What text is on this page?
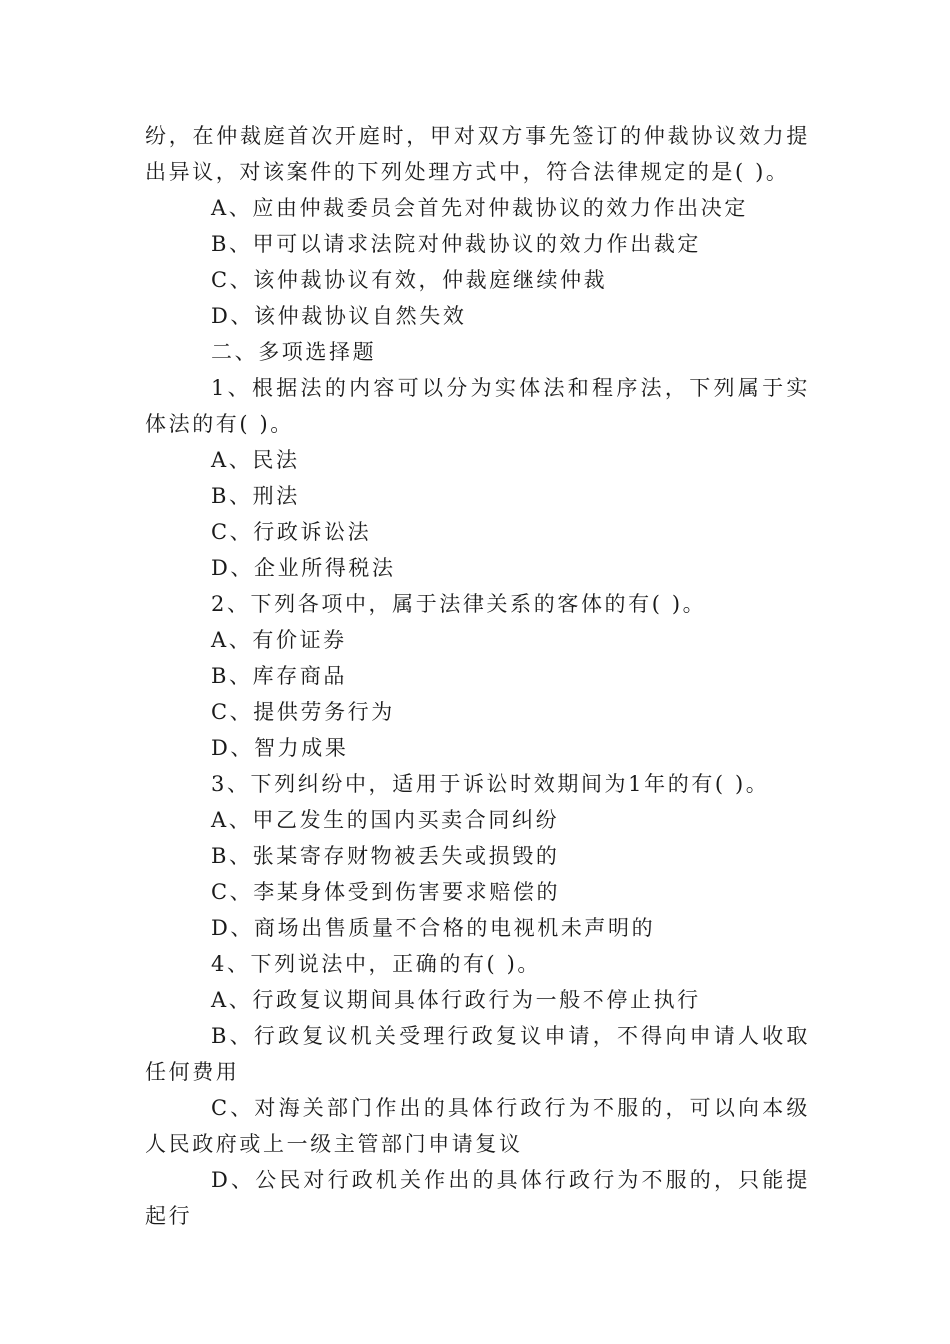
纷，在仲裁庭首次开庭时，甲对双方事先签订的仲裁协议效力提出异议，对该案件的下列处理方式中，符合法律规定的是( )。

A、应由仲裁委员会首先对仲裁协议的效力作出决定

B、甲可以请求法院对仲裁协议的效力作出裁定

C、该仲裁协议有效，仲裁庭继续仲裁

D、该仲裁协议自然失效

二、多项选择题

1、根据法的内容可以分为实体法和程序法，下列属于实体法的有( )。

A、民法

B、刑法

C、行政诉讼法

D、企业所得税法

2、下列各项中，属于法律关系的客体的有( )。

A、有价证券

B、库存商品

C、提供劳务行为

D、智力成果

3、下列纠纷中，适用于诉讼时效期间为1年的有( )。

A、甲乙发生的国内买卖合同纠纷

B、张某寄存财物被丢失或损毁的

C、李某身体受到伤害要求赔偿的

D、商场出售质量不合格的电视机未声明的

4、下列说法中，正确的有( )。

A、行政复议期间具体行政行为一般不停止执行

B、行政复议机关受理行政复议申请，不得向申请人收取任何费用

C、对海关部门作出的具体行政行为不服的，可以向本级人民政府或上一级主管部门申请复议

D、公民对行政机关作出的具体行政行为不服的，只能提起行
